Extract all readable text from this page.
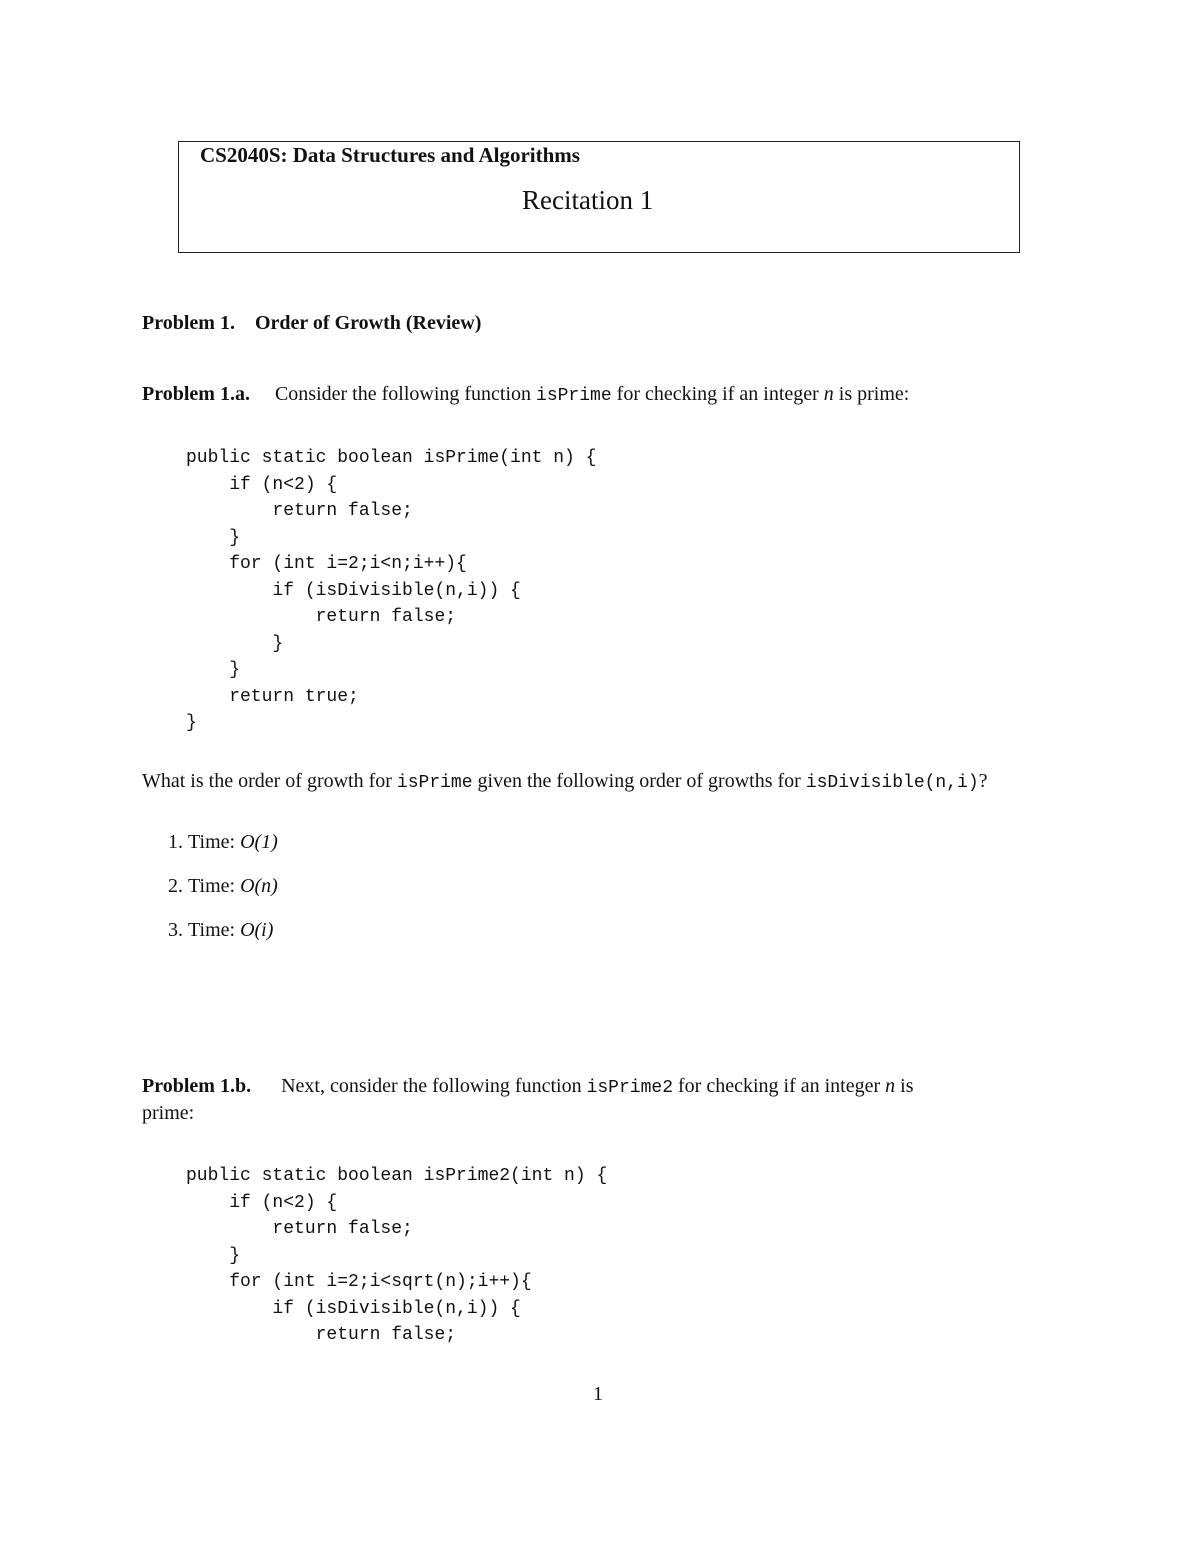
CS2040S: Data Structures and Algorithms
Recitation 1
Problem 1. Order of Growth (Review)
Problem 1.a. Consider the following function isPrime for checking if an integer n is prime:
public static boolean isPrime(int n) {
if (n<2) {
return false;
}
for (int i=2;i<n;i++){
if (isDivisible(n,i)) {
return false;
}
}
return true;
}
What is the order of growth for isPrime given the following order of growths for isDivisible(n,i)?
1. Time: O(1)
2. Time: O(n)
3. Time: O(i)
Problem 1.b. Next, consider the following function isPrime2 for checking if an integer n is
prime:
public static boolean isPrime2(int n) {
if (n<2) {
return false;
}
for (int i=2;i<sqrt(n);i++){
if (isDivisible(n,i)) {
return false;
1
